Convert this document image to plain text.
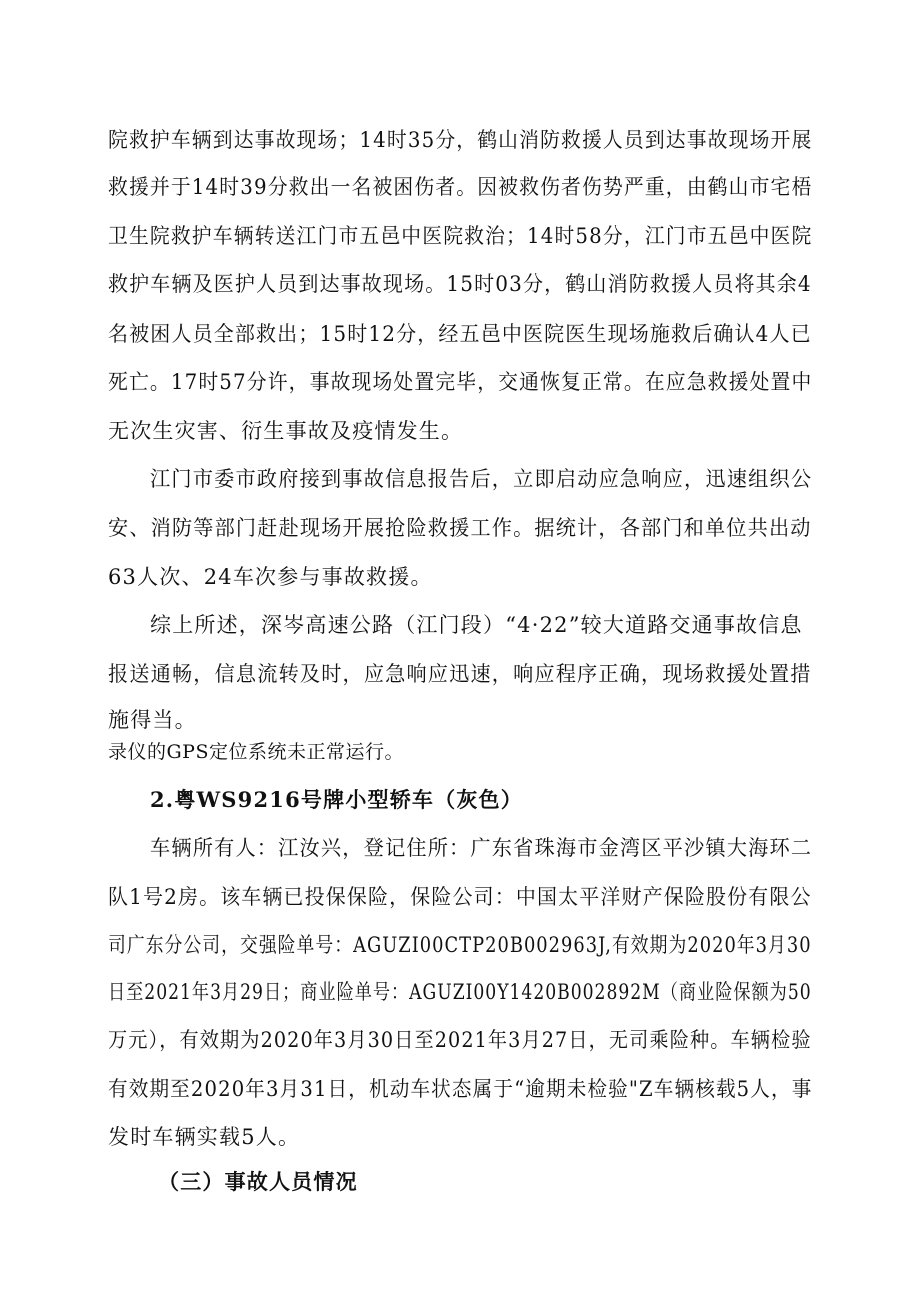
院救护车辆到达事故现场；14时35分，鹤山消防救援人员到达事故现场开展
救援并于14时39分救出一名被困伤者。因被救伤者伤势严重，由鹤山市宅梧
卫生院救护车辆转送江门市五邑中医院救治；14时58分，江门市五邑中医院
救护车辆及医护人员到达事故现场。15时03分，鹤山消防救援人员将其余4
名被困人员全部救出；15时12分，经五邑中医院医生现场施救后确认4人已
死亡。17时57分许，事故现场处置完毕，交通恢复正常。在应急救援处置中
无次生灾害、衍生事故及疫情发生。
江门市委市政府接到事故信息报告后，立即启动应急响应，迅速组织公
安、消防等部门赶赴现场开展抢险救援工作。据统计，各部门和单位共出动
63人次、24车次参与事故救援。
综上所述，深岑高速公路（江门段）“4·22”较大道路交通事故信息
报送通畅，信息流转及时，应急响应迅速，响应程序正确，现场救援处置措
施得当。
录仪的GPS定位系统未正常运行。
2.粤WS9216号牌小型轿车（灰色）
车辆所有人：江汝兴，登记住所：广东省珠海市金湾区平沙镇大海环二
队1号2房。该车辆已投保保险，保险公司：中国太平洋财产保险股份有限公
司广东分公司，交强险单号：AGUZI00CTP20B002963J,有效期为2020年3月30
日至2021年3月29日；商业险单号：AGUZI00Y1420B002892M（商业险保额为50
万元），有效期为2020年3月30日至2021年3月27日，无司乘险种。车辆检验
有效期至2020年3月31日，机动车状态属于“逾期未检验"Z车辆核载5人，事
发时车辆实载5人。
（三）事故人员情况
